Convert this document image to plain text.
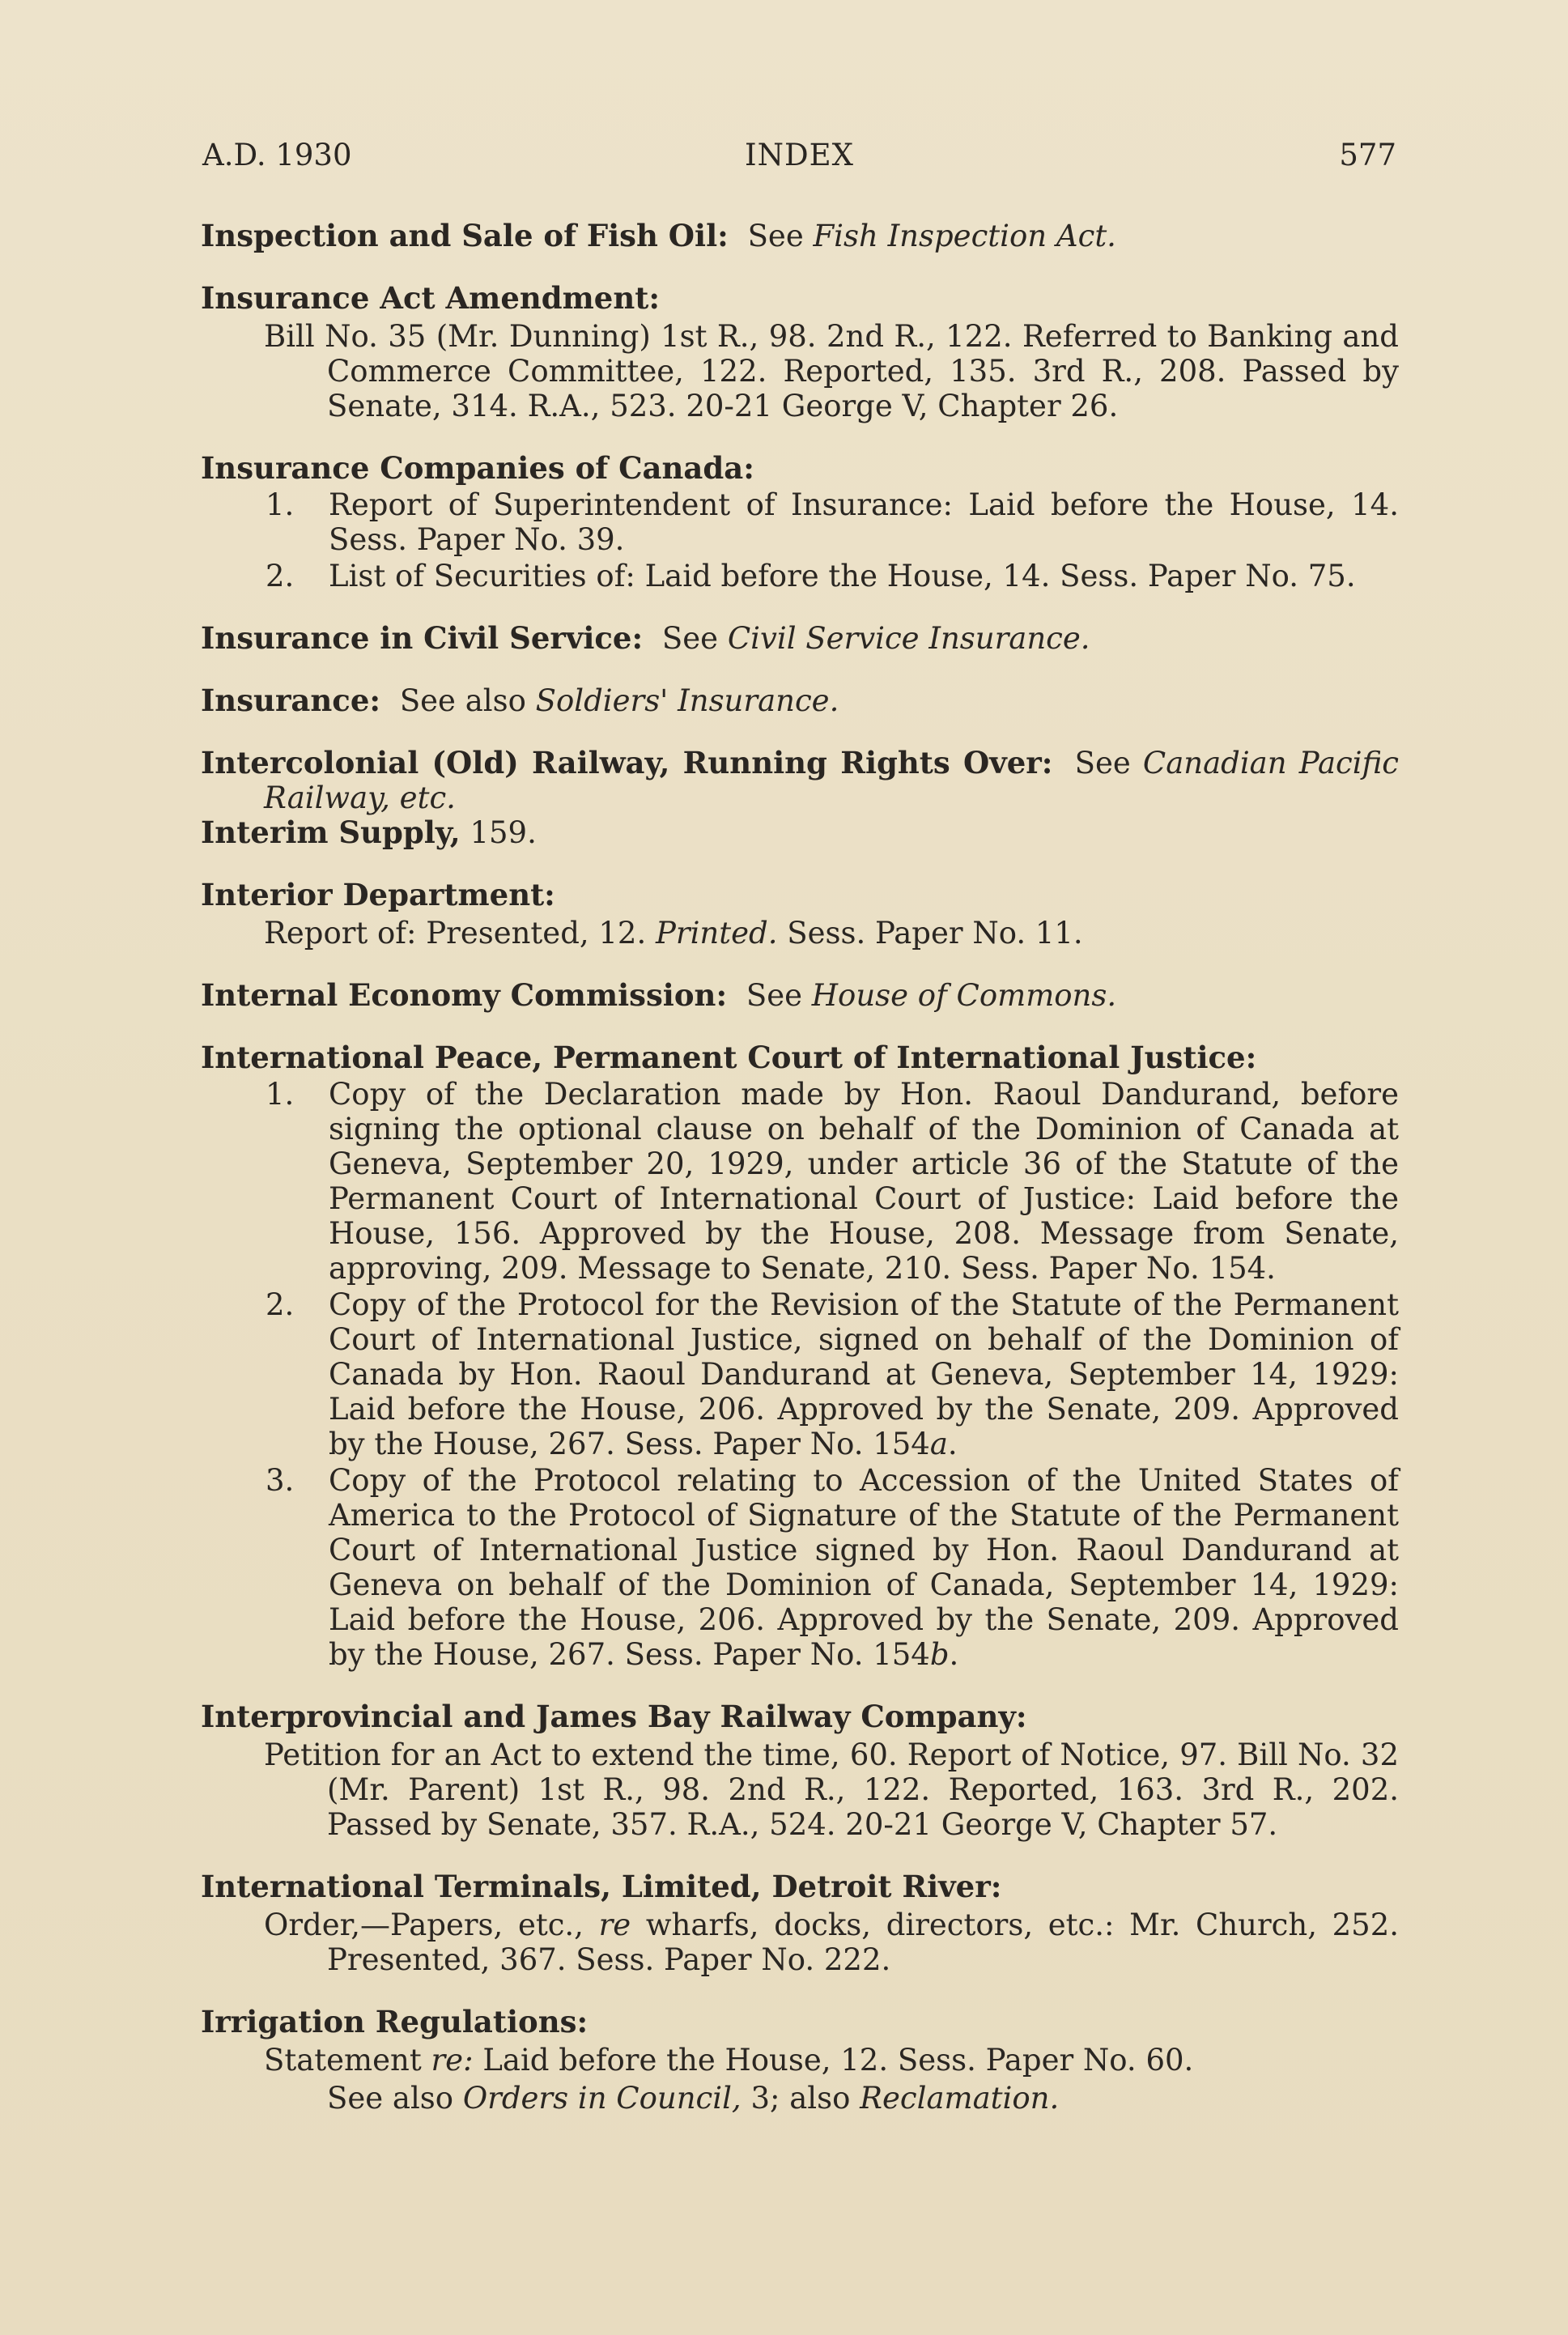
A.D. 1930	INDEX	577
Inspection and Sale of Fish Oil: See Fish Inspection Act.
Insurance Act Amendment:
Bill No. 35 (Mr. Dunning) 1st R., 98. 2nd R., 122. Referred to Banking and Commerce Committee, 122. Reported, 135. 3rd R., 208. Passed by Senate, 314. R.A., 523. 20-21 George V, Chapter 26.
Insurance Companies of Canada:
1.	Report of Superintendent of Insurance: Laid before the House, 14. Sess. Paper No. 39.
2.	List of Securities of: Laid before the House, 14. Sess. Paper No. 75.
Insurance in Civil Service: See Civil Service Insurance.
Insurance: See also Soldiers' Insurance.
Intercolonial (Old) Railway, Running Rights Over: See Canadian Pacific Railway, etc.
Interim Supply, 159.
Interior Department:
Report of: Presented, 12. Printed. Sess. Paper No. 11.
Internal Economy Commission: See House of Commons.
International Peace, Permanent Court of International Justice:
1.	Copy of the Declaration made by Hon. Raoul Dandurand, before signing the optional clause on behalf of the Dominion of Canada at Geneva, September 20, 1929, under article 36 of the Statute of the Permanent Court of International Court of Justice: Laid before the House, 156. Approved by the House, 208. Message from Senate, approving, 209. Message to Senate, 210. Sess. Paper No. 154.
2.	Copy of the Protocol for the Revision of the Statute of the Permanent Court of International Justice, signed on behalf of the Dominion of Canada by Hon. Raoul Dandurand at Geneva, September 14, 1929: Laid before the House, 206. Approved by the Senate, 209. Approved by the House, 267. Sess. Paper No. 154a.
3.	Copy of the Protocol relating to Accession of the United States of America to the Protocol of Signature of the Statute of the Permanent Court of International Justice signed by Hon. Raoul Dandurand at Geneva on behalf of the Dominion of Canada, September 14, 1929: Laid before the House, 206. Approved by the Senate, 209. Approved by the House, 267. Sess. Paper No. 154b.
Interprovincial and James Bay Railway Company:
Petition for an Act to extend the time, 60. Report of Notice, 97. Bill No. 32 (Mr. Parent) 1st R., 98. 2nd R., 122. Reported, 163. 3rd R., 202. Passed by Senate, 357. R.A., 524. 20-21 George V, Chapter 57.
International Terminals, Limited, Detroit River:
Order,—Papers, etc., re wharfs, docks, directors, etc.: Mr. Church, 252. Presented, 367. Sess. Paper No. 222.
Irrigation Regulations:
Statement re: Laid before the House, 12. Sess. Paper No. 60.
See also Orders in Council, 3; also Reclamation.
